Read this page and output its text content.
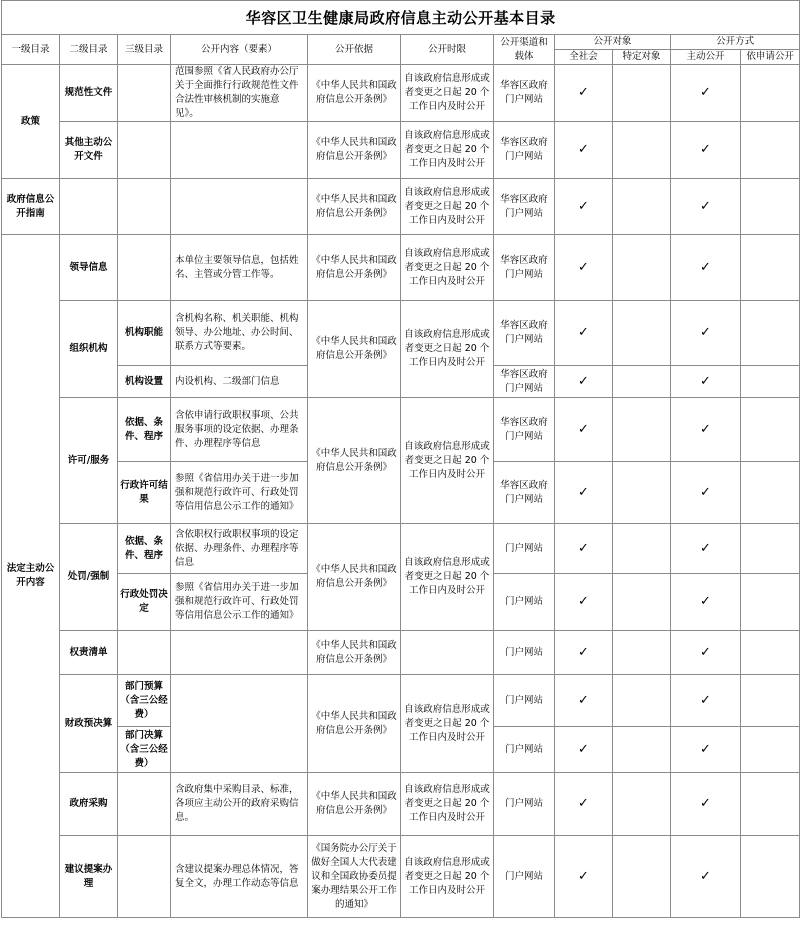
华容区卫生健康局政府信息主动公开基本目录										
一级目录	二级目录	三级目录	公开内容（要素）	公开依据	公开时限	公开渠道和载体	公开对象		公开方式	
							全社会	特定对象	主动公开	依申请公开
政策	规范性文件		范围参照《省人民政府办公厅关于全面推行行政规范性文件合法性审核机制的实施意见》。	《中华人民共和国政府信息公开条例》	自该政府信息形成或者变更之日起 20 个工作日内及时公开	华容区政府门户网站	✓		✓	
	其他主动公开文件			《中华人民共和国政府信息公开条例》	自该政府信息形成或者变更之日起 20 个工作日内及时公开	华容区政府门户网站	✓		✓	
政府信息公开指南				《中华人民共和国政府信息公开条例》	自该政府信息形成或者变更之日起 20 个工作日内及时公开	华容区政府门户网站	✓		✓	
法定主动公开内容	领导信息		本单位主要领导信息，包括姓名、主管或分管工作等。	《中华人民共和国政府信息公开条例》	自该政府信息形成或者变更之日起 20 个工作日内及时公开	华容区政府门户网站	✓		✓	
	组织机构	机构职能	含机构名称、机关职能、机构领导、办公地址、办公时间、联系方式等要素。	《中华人民共和国政府信息公开条例》	自该政府信息形成或者变更之日起 20 个工作日内及时公开	华容区政府门户网站	✓		✓	
		机构设置	内设机构、二级部门信息			华容区政府门户网站	✓		✓	
	许可/服务	依据、条件、程序	含依申请行政职权事项、公共服务事项的设定依据、办理条件、办理程序等信息	《中华人民共和国政府信息公开条例》	自该政府信息形成或者变更之日起 20 个工作日内及时公开	华容区政府门户网站	✓		✓	
		行政许可结果	参照《省信用办关于进一步加强和规范行政许可、行政处罚等信用信息公示工作的通知》			华容区政府门户网站	✓		✓	
	处罚/强制	依据、条件、程序	含依职权行政职权事项的设定依据、办理条件、办理程序等信息	《中华人民共和国政府信息公开条例》	自该政府信息形成或者变更之日起 20 个工作日内及时公开	门户网站	✓		✓	
		行政处罚决定	参照《省信用办关于进一步加强和规范行政许可、行政处罚等信用信息公示工作的通知》			门户网站	✓		✓	
	权责清单			《中华人民共和国政府信息公开条例》		门户网站	✓		✓	
	财政预决算	部门预算（含三公经费）		《中华人民共和国政府信息公开条例》	自该政府信息形成或者变更之日起 20 个工作日内及时公开	门户网站	✓		✓	
		部门决算（含三公经费）				门户网站	✓		✓	
	政府采购		含政府集中采购目录、标准，各项应主动公开的政府采购信息。	《中华人民共和国政府信息公开条例》	自该政府信息形成或者变更之日起 20 个工作日内及时公开	门户网站	✓		✓	
	建议提案办理		含建议提案办理总体情况，答复全文，办理工作动态等信息	《国务院办公厅关于做好全国人大代表建议和全国政协委员提案办理结果公开工作的通知》	自该政府信息形成或者变更之日起 20 个工作日内及时公开	门户网站	✓		✓	
